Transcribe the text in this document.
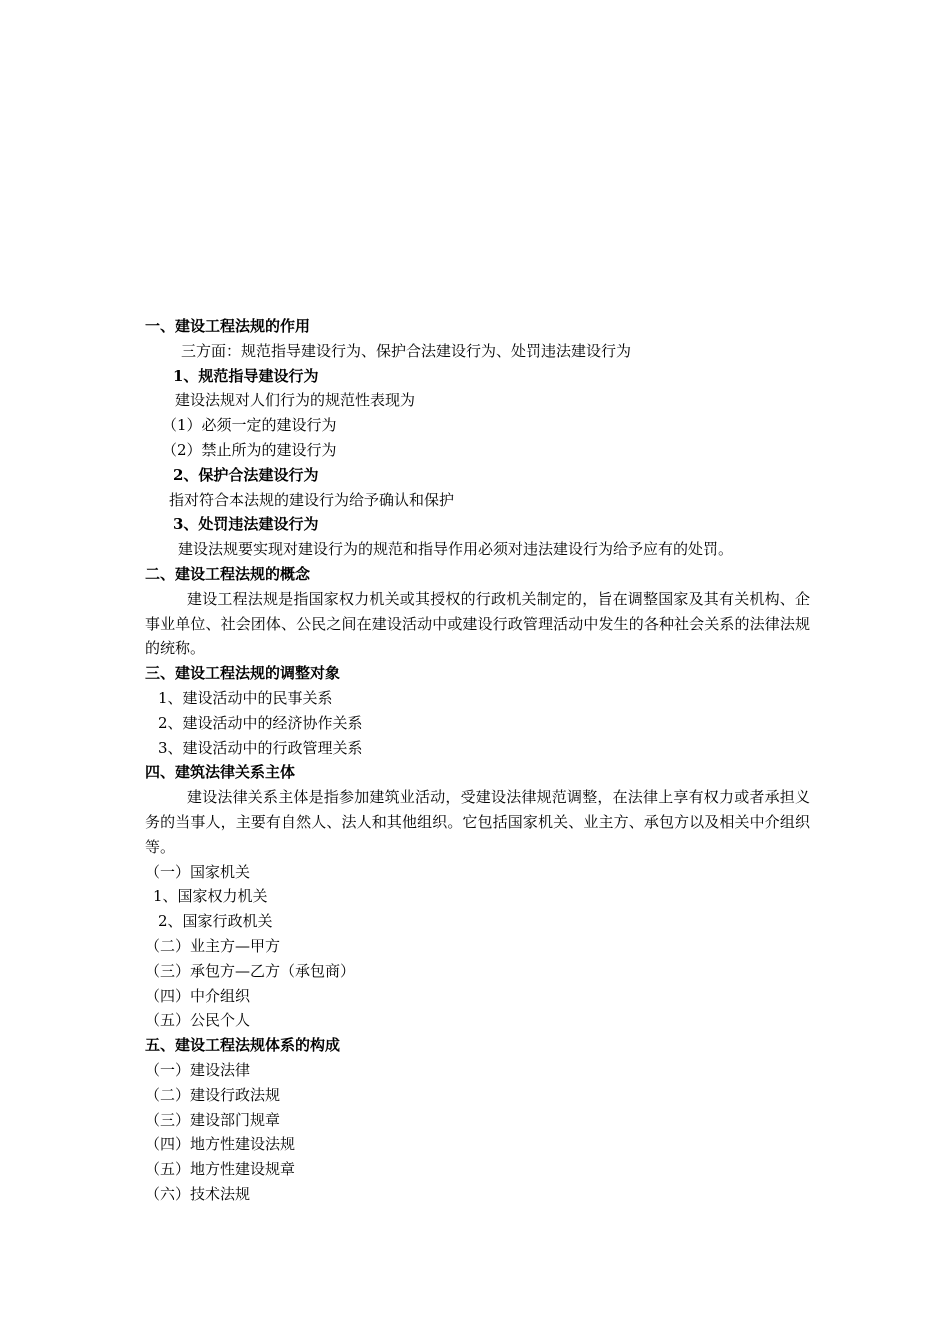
一、建设工程法规的作用
三方面：规范指导建设行为、保护合法建设行为、处罚违法建设行为
1、规范指导建设行为
建设法规对人们行为的规范性表现为
（1）必须一定的建设行为
（2）禁止所为的建设行为
2、保护合法建设行为
指对符合本法规的建设行为给予确认和保护
3、处罚违法建设行为
建设法规要实现对建设行为的规范和指导作用必须对违法建设行为给予应有的处罚。
二、建设工程法规的概念

建设工程法规是指国家权力机关或其授权的行政机关制定的，旨在调整国家及其有关机构、企事业单位、社会团体、公民之间在建设活动中或建设行政管理活动中发生的各种社会关系的法律法规的统称。

三、建设工程法规的调整对象
1、建设活动中的民事关系
2、建设活动中的经济协作关系
3、建设活动中的行政管理关系
四、建筑法律关系主体

建设法律关系主体是指参加建筑业活动，受建设法律规范调整，在法律上享有权力或者承担义务的当事人，主要有自然人、法人和其他组织。它包括国家机关、业主方、承包方以及相关中介组织等。

（一）国家机关
1、国家权力机关
2、国家行政机关
（二）业主方—甲方
（三）承包方—乙方（承包商）
（四）中介组织
（五）公民个人
五、建设工程法规体系的构成
（一）建设法律
（二）建设行政法规
（三）建设部门规章
（四）地方性建设法规
（五）地方性建设规章
（六）技术法规
